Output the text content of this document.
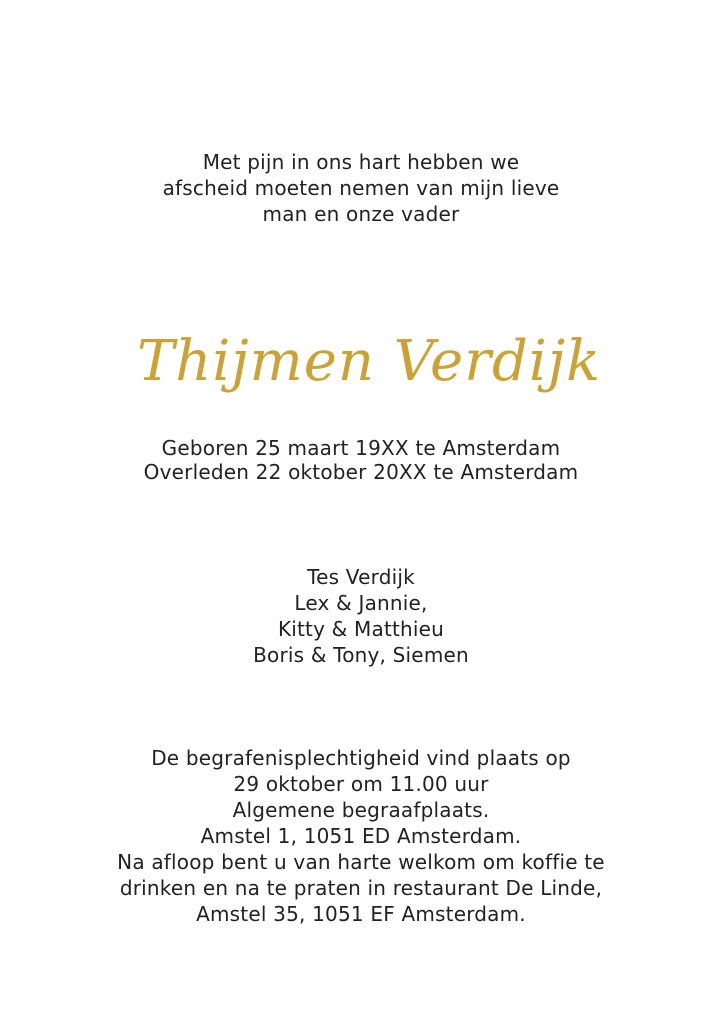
Met pijn in ons hart hebben we
afscheid moeten nemen van mijn lieve
man en onze vader
Thijmen Verdijk
Geboren 25 maart 19XX te Amsterdam
Overleden 22 oktober 20XX te Amsterdam
Tes Verdijk
Lex & Jannie,
Kitty & Matthieu
Boris & Tony, Siemen
De begrafenisplechtigheid vind plaats op
29 oktober om 11.00 uur
Algemene begraafplaats.
Amstel 1, 1051 ED Amsterdam.
Na afloop bent u van harte welkom om koffie te
drinken en na te praten in restaurant De Linde,
Amstel 35, 1051 EF Amsterdam.
